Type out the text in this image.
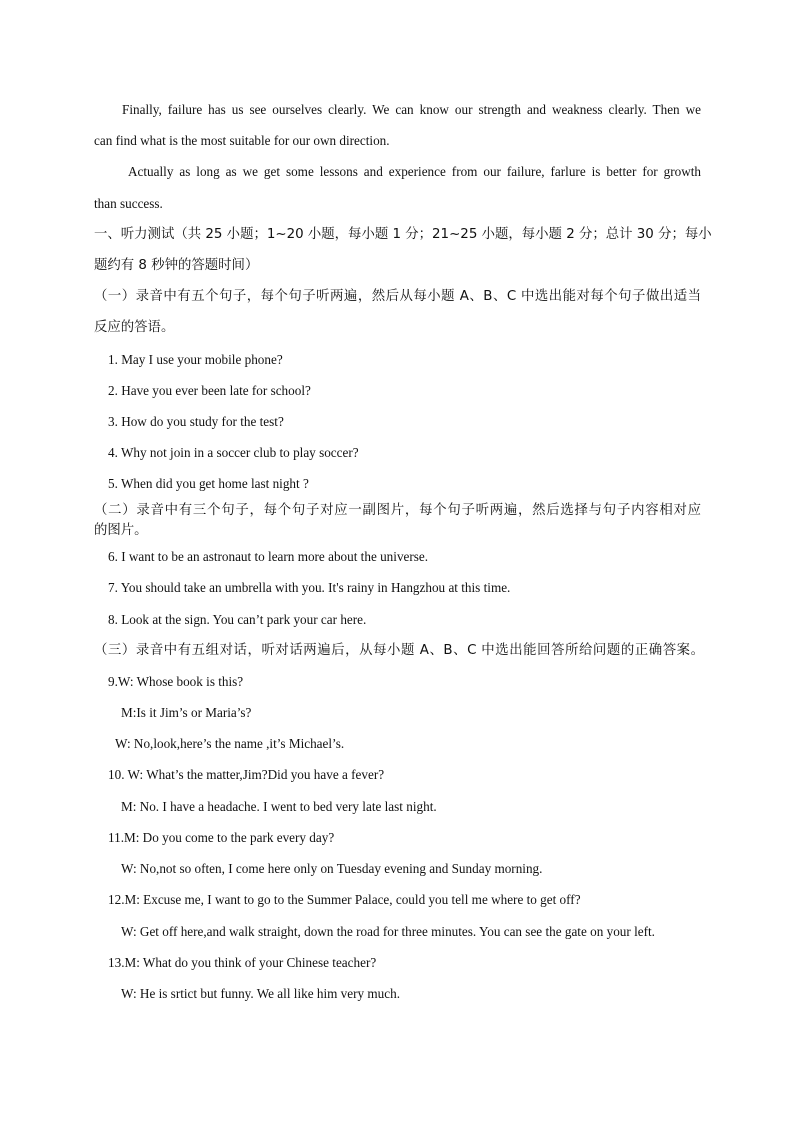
Finally, failure has us see ourselves clearly. We can know our strength and weakness clearly. Then we
can find what is the most suitable for our own direction.
Actually as long as we get some lessons and experience from our failure, farlure is better for growth
than success.
一、听力测试（共 25 小题；1~20 小题，每小题 1 分；21~25 小题，每小题 2 分；总计 30 分；每小
题约有 8 秒钟的答题时间）
（一）录音中有五个句子，每个句子听两遍，然后从每小题 A、B、C 中选出能对每个句子做出适当
反应的答语。
1. May I use your mobile phone?
2. Have you ever been late for school?
3. How do you study for the test?
4. Why not join in a soccer club to play soccer?
5. When did you get home last night ?
（二）录音中有三个句子，每个句子对应一副图片，每个句子听两遍，然后选择与句子内容相对应
的图片。
6. I want to be an astronaut to learn more about the universe.
7. You should take an umbrella with you. It's rainy in Hangzhou at this time.
8. Look at the sign. You can’t park your car here.
（三）录音中有五组对话，听对话两遍后，从每小题 A、B、C 中选出能回答所给问题的正确答案。
9.W: Whose book is this?
M:Is it Jim’s or Maria’s?
W: No,look,here’s the name ,it’s Michael’s.
10. W: What’s the matter,Jim?Did you have a fever?
M: No. I have a headache. I went to bed very late last night.
11.M: Do you come to the park every day?
W: No,not so often, I come here only on Tuesday evening and Sunday morning.
12.M: Excuse me, I want to go to the Summer Palace, could you tell me where to get off?
W: Get off here,and walk straight, down the road for three minutes. You can see the gate on your left.
13.M: What do you think of your Chinese teacher?
W: He is srtict but funny. We all like him very much.
